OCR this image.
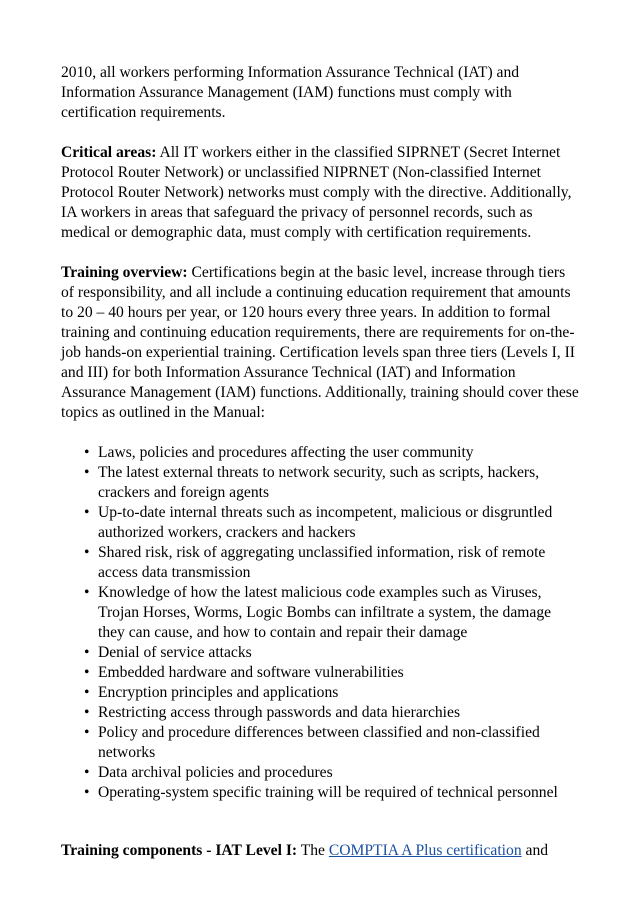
2010, all workers performing Information Assurance Technical (IAT) and Information Assurance Management (IAM) functions must comply with certification requirements.

Critical areas: All IT workers either in the classified SIPRNET (Secret Internet Protocol Router Network) or unclassified NIPRNET (Non-classified Internet Protocol Router Network) networks must comply with the directive. Additionally, IA workers in areas that safeguard the privacy of personnel records, such as medical or demographic data, must comply with certification requirements.

Training overview: Certifications begin at the basic level, increase through tiers of responsibility, and all include a continuing education requirement that amounts to 20 – 40 hours per year, or 120 hours every three years. In addition to formal training and continuing education requirements, there are requirements for on-the-job hands-on experiential training. Certification levels span three tiers (Levels I, II and III) for both Information Assurance Technical (IAT) and Information Assurance Management (IAM) functions. Additionally, training should cover these topics as outlined in the Manual:

• Laws, policies and procedures affecting the user community
• The latest external threats to network security, such as scripts, hackers, crackers and foreign agents
• Up-to-date internal threats such as incompetent, malicious or disgruntled authorized workers, crackers and hackers
• Shared risk, risk of aggregating unclassified information, risk of remote access data transmission
• Knowledge of how the latest malicious code examples such as Viruses, Trojan Horses, Worms, Logic Bombs can infiltrate a system, the damage they can cause, and how to contain and repair their damage
• Denial of service attacks
• Embedded hardware and software vulnerabilities
• Encryption principles and applications
• Restricting access through passwords and data hierarchies
• Policy and procedure differences between classified and non-classified networks
• Data archival policies and procedures
• Operating-system specific training will be required of technical personnel

Training components - IAT Level I: The COMPTIA A Plus certification and
